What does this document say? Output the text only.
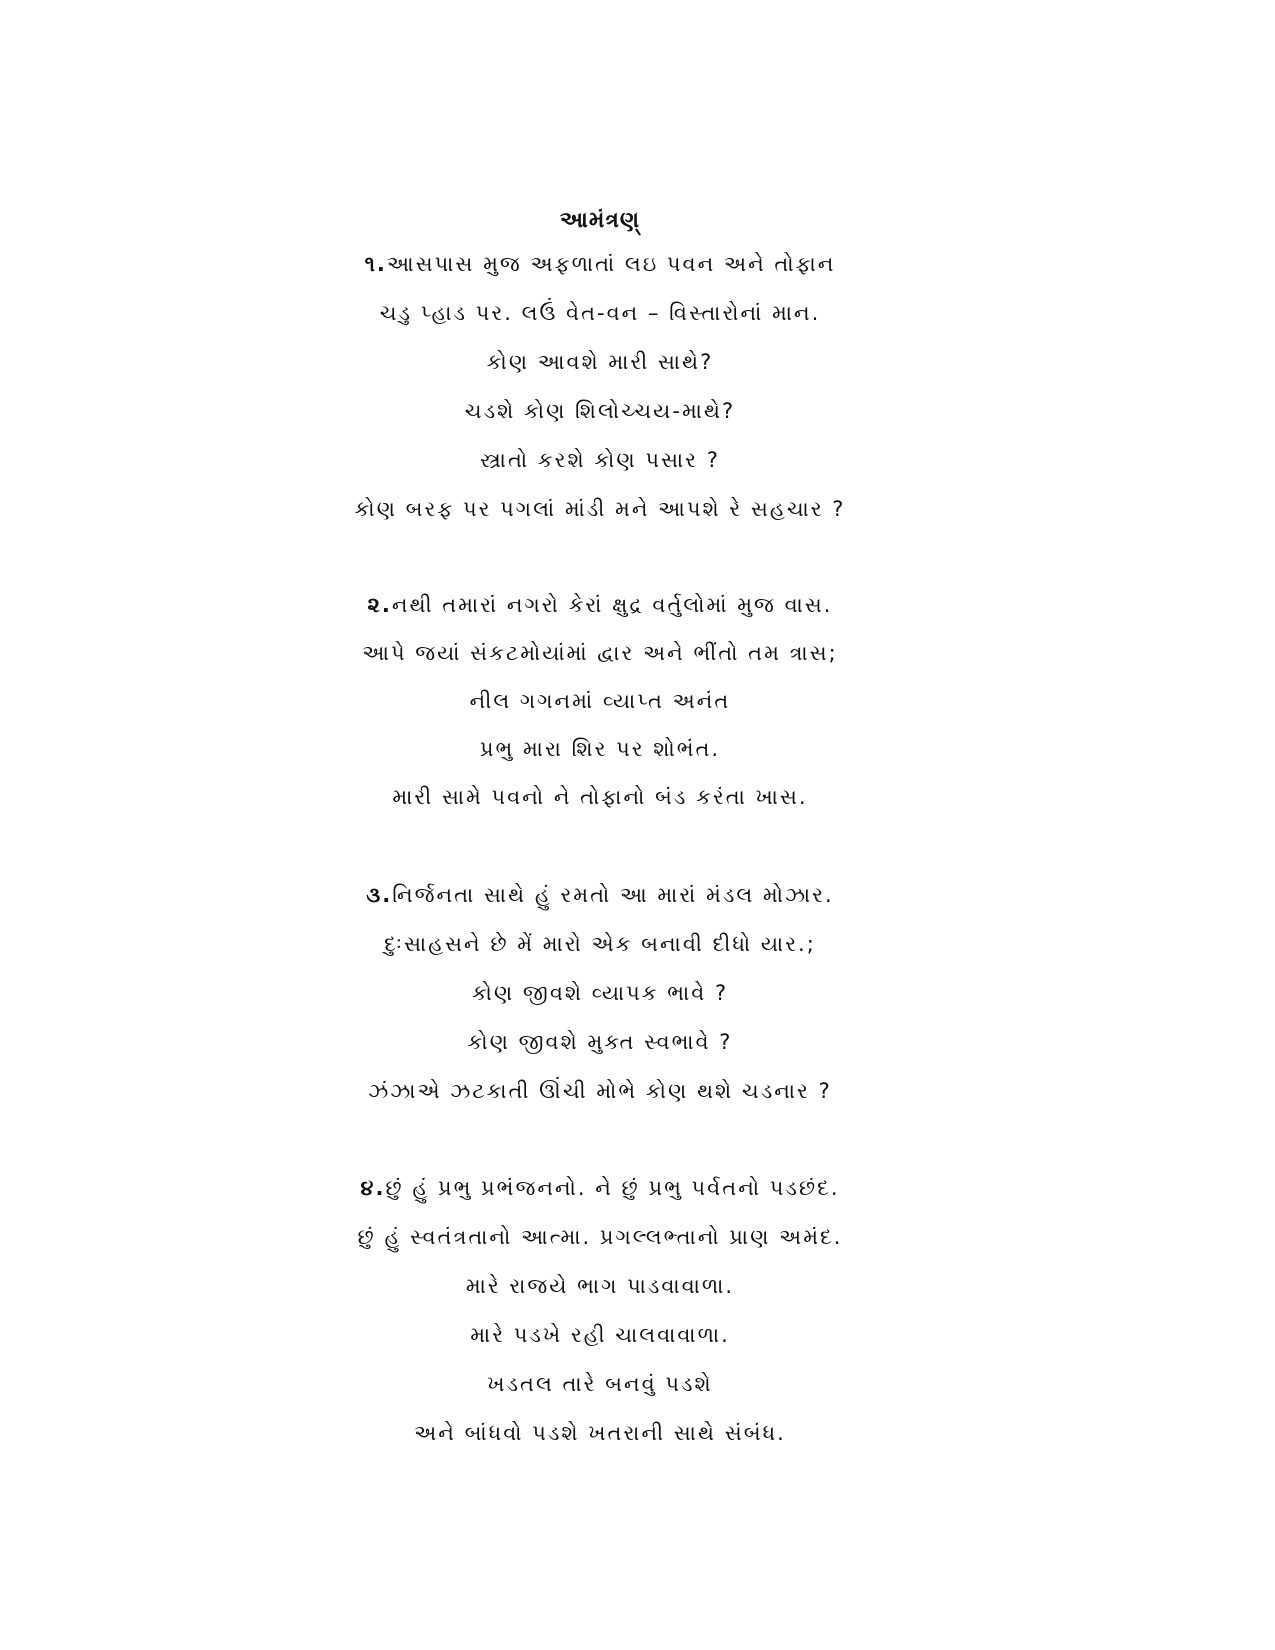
આમંત્રણ્
૧.આસપાસ મુજ અફળાતાં લઇ પવન અને તોફાન
ચડુ પ્હાડ પર. લઉં વેત-વન – વિસ્તારોનાં માન.
કોણ આવશે મારી સાથે?
ચડશે કોણ શિલોચ્ચય-માથે?
સ્ત્રાતો કરશે કોણ પસાર ?
કોણ બરફ પર પગલાં માંડી મને આપશે રે સહચાર ?
૨.નથી તમારાં નગરો કેરાં ક્ષુદ્ર વર્તુલોમાં મુજ વાસ.
આપે જયાં સંકટમોયાંમાં દ્વાર અને ભીંતો તમ ત્રાસ;
નીલ ગગનમાં વ્યાપ્ત અનંત
પ્રભુ મારા શિર પર શોભંત.
મારી સામે પવનો ને તોફાનો બંડ કરંતા ખાસ.
૩.નિર્જનતા સાથે હું રમતો આ મારાં મંડલ મોઝાર.
દુઃસાહસને છે મેં મારો એક બનાવી દીધો યાર.;
કોણ જીવશે વ્યાપક ભાવે ?
કોણ જીવશે મુક્ત સ્વભાવે ?
ઝંઝાએ ઝટકાતી ઊંચી મોભે કોણ થશે ચડનાર ?
૪.છું હું પ્રભુ પ્રભંજનનો. ને છું પ્રભુ પર્વતનો પડછંદ.
છું હું સ્વતંત્રતાનો આત્મા. પ્રગલ્લભ્તાનો પ્રાણ અમંદ.
મારે રાજયે ભાગ પાડવાવાળા.
મારે પડખે રહી ચાલવાવાળા.
ખડતલ તારે બનવું પડશે
અને બાંધવો પડશે ખતરાની સાથે સંબંધ.
